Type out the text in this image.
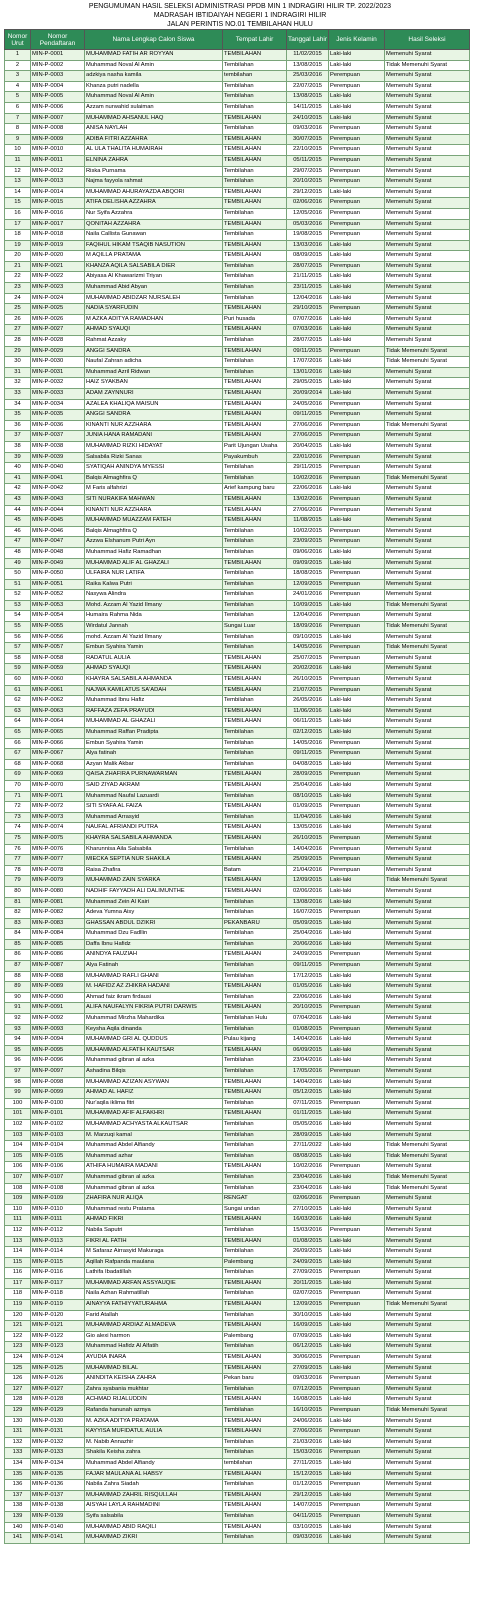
PENGUMUMAN HASIL SELEKSI ADMINISTRASI PPDB MIN 1 INDRAGIRI HILIR TP. 2022/2023
MADRASAH IBTIDAIYAH NEGERI 1 INDRAGIRI HILIR
JALAN PERINTIS NO.01 TEMBILAHAN HULU
Nomor Urut	Nomor Pendaftaran	Nama Lengkap Calon Siswa	Tempat Lahir	Tanggal Lahir	Jenis Kelamin	Hasil Seleksi
1	MIN-P-0001	MUHAMMAD FATIH AR ROYYAN	TEMBILAHAN	11/02/2015	Laki-laki	Memenuhi Syarat
2	MIN-P-0002	Muhammad Noval Al Amin	Tembilahan	13/08/2015	Laki-laki	Tidak Memenuhi Syarat
3	MIN-P-0003	adzkiya nasha kamila	tembilahan	25/03/2016	Perempuan	Memenuhi Syarat
4	MIN-P-0004	Khanza putri nadella	Tembilahan	22/07/2015	Perempuan	Memenuhi Syarat
5	MIN-P-0005	Muhammad Noval Al Amin	Tembilahan	13/08/2015	Laki-laki	Memenuhi Syarat
6	MIN-P-0006	Azzam nurwahid sulaiman	Tembilahan	14/11/2015	Laki-laki	Memenuhi Syarat
7	MIN-P-0007	MUHAMMAD AHSANUL HAQ	TEMBILAHAN	24/10/2015	Laki-laki	Memenuhi Syarat
8	MIN-P-0008	ANISA NAYLAH	Tembilahan	09/03/2016	Perempuan	Memenuhi Syarat
9	MIN-P-0009	ADIBA FITRI AZZAHRA	TEMBILAHAN	30/07/2015	Perempuan	Memenuhi Syarat
10	MIN-P-0010	AL ULA THALITA HUMAIRAH	TEMBILAHAN	22/10/2015	Perempuan	Memenuhi Syarat
11	MIN-P-0011	ELNINA ZAHRA	TEMBILAHAN	05/11/2015	Perempuan	Memenuhi Syarat
12	MIN-P-0012	Riska Purnama	Tembilahan	29/07/2015	Perempuan	Memenuhi Syarat
13	MIN-P-0013	Najma fayyola rahmat	Tembilahan	20/10/2015	Perempuan	Memenuhi Syarat
14	MIN-P-0014	MUHAMMAD AHURAYAZDA ABQORI	TEMBILAHAN	29/12/2015	Laki-laki	Memenuhi Syarat
15	MIN-P-0015	ATIFA DELISHA AZZAHRA	TEMBILAHAN	02/06/2016	Perempuan	Memenuhi Syarat
16	MIN-P-0016	Nur Syifa Azzahra	Tembilahan	12/05/2016	Perempuan	Memenuhi Syarat
17	MIN-P-0017	QONITAH AZZAHRA	TEMBILAHAN	05/03/2016	Perempuan	Memenuhi Syarat
18	MIN-P-0018	Naila Callista Gunawan	Tembilahan	19/08/2015	Perempuan	Memenuhi Syarat
19	MIN-P-0019	FAQIHUL HIKAM TSAQIB NASUTION	TEMBILAHAN	13/03/2016	Laki-laki	Memenuhi Syarat
20	MIN-P-0020	M AQILLA PRATAMA	TEMBILAHAN	08/09/2015	Laki-laki	Memenuhi Syarat
21	MIN-P-0021	KHANZA AQILA SALSABILA DIER	Tembilahan	28/07/2015	Perempuan	Memenuhi Syarat
22	MIN-P-0022	Abiyasa Al Khawarizmi Triyan	Tembilahan	21/11/2015	Laki-laki	Memenuhi Syarat
23	MIN-P-0023	Muhammad Abid Abyan	Tembilahan	23/11/2015	Laki-laki	Memenuhi Syarat
24	MIN-P-0024	MUHAMMAD ABIDZAR NURSALEH	Tembilahan	12/04/2016	Laki-laki	Memenuhi Syarat
25	MIN-P-0025	NADIA SYARFUDIN	TEMBILAHAN	29/10/2015	Perempuan	Memenuhi Syarat
26	MIN-P-0026	M AZKA ADITYA RAMADHAN	Puri husada	07/07/2016	Laki-laki	Memenuhi Syarat
27	MIN-P-0027	AHMAD SYAUQI	TEMBILAHAN	07/03/2016	Laki-laki	Memenuhi Syarat
28	MIN-P-0028	Rahmat Azzaky	Tembilahan	28/07/2015	Laki-laki	Memenuhi Syarat
29	MIN-P-0029	ANGGI SANDRA	TEMBILAHAN	09/11/2015	Perempuan	Tidak Memenuhi Syarat
30	MIN-P-0030	Naufal Zahran adicha	Tembilahan	17/07/2016	Laki-laki	Tidak Memenuhi Syarat
31	MIN-P-0031	Muhammad Azril Ridwan	Tembilahan	13/01/2016	Laki-laki	Memenuhi Syarat
32	MIN-P-0032	HAIZ SYAKBAN	TEMBILAHAN	29/05/2015	Laki-laki	Memenuhi Syarat
33	MIN-P-0033	ADAM ZAYNNURI	TEMBILAHAN	20/09/2014	Laki-laki	Memenuhi Syarat
34	MIN-P-0034	AZALEA KHALIQA MAISUN	TEMBILAHAN	24/05/2016	Perempuan	Memenuhi Syarat
35	MIN-P-0035	ANGGI SANDRA	TEMBILAHAN	09/11/2015	Perempuan	Memenuhi Syarat
36	MIN-P-0036	KINANTI NUR AZZHARA	TEMBILAHAN	27/06/2016	Perempuan	Tidak Memenuhi Syarat
37	MIN-P-0037	JUNIA HANA RAMADANI	TEMBILAHAN	27/06/2015	Perempuan	Memenuhi Syarat
38	MIN-P-0038	MUHAMMAD RIZKI HIDAYAT	Parit Ujungan Usaha	20/04/2015	Laki-laki	Memenuhi Syarat
39	MIN-P-0039	Salsabila Rizki Sanas	Payakumbuh	22/01/2016	Perempuan	Memenuhi Syarat
40	MIN-P-0040	SYATIQAH ANINDYA MYESSI	Tembilahan	29/11/2015	Perempuan	Memenuhi Syarat
41	MIN-P-0041	Balqis Almaghfira Q	Tembilahan	10/02/2016	Perempuan	Tidak Memenuhi Syarat
42	MIN-P-0042	M Faris alfahrizi	Arief kampung baru	22/06/2016	Laki-laki	Memenuhi Syarat
43	MIN-P-0043	SITI NURAKIFA MAHWAN	TEMBILAHAN	13/02/2016	Perempuan	Memenuhi Syarat
44	MIN-P-0044	KINANTI NUR AZZHARA	TEMBILAHAN	27/06/2016	Perempuan	Memenuhi Syarat
45	MIN-P-0045	MUHAMMAD MUAZZAM FATEH	TEMBILAHAN	11/08/2015	Laki-laki	Memenuhi Syarat
46	MIN-P-0046	Balqis Almaghfira Q	Tembilahan	10/02/2015	Perempuan	Memenuhi Syarat
47	MIN-P-0047	Azzwa Elshanum Putri Ayn	Tembilahan	23/09/2015	Perempuan	Memenuhi Syarat
48	MIN-P-0048	Muhammad Hafiz Ramadhan	Tembilahan	09/06/2016	Laki-laki	Memenuhi Syarat
49	MIN-P-0049	MUHAMMAD ALIF AL GHAZALI	TEMBILAHAN	09/09/2015	Laki-laki	Memenuhi Syarat
50	MIN-P-0050	ULFAIRA NUR LATIFA	Tembilahan	18/08/2015	Perempuan	Memenuhi Syarat
51	MIN-P-0051	Raika Kalwa Putri	Tembilahan	12/09/2015	Perempuan	Memenuhi Syarat
52	MIN-P-0052	Nasywa Alindra	Tembilahan	24/01/2016	Perempuan	Memenuhi Syarat
53	MIN-P-0053	Mohd. Azzam Al Yazid Ilmany	Tembilahan	10/09/2015	Laki-laki	Tidak Memenuhi Syarat
54	MIN-P-0054	Humaira Rahma Nida	Tembilahan	12/04/2016	Perempuan	Memenuhi Syarat
55	MIN-P-0055	Wirdatul Jannah	Sungai Luar	18/09/2016	Perempuan	Tidak Memenuhi Syarat
56	MIN-P-0056	mohd. Azzam Al Yazid Ilmany	Tembilahan	09/10/2015	Laki-laki	Memenuhi Syarat
57	MIN-P-0057	Embun Syahira Yamin	Tembilahan	14/05/2016	Perempuan	Tidak Memenuhi Syarat
58	MIN-P-0058	RADATUL AULIA	TEMBILAHAN	25/07/2015	Perempuan	Memenuhi Syarat
59	MIN-P-0059	AHMAD SYAUQI	TEMBILAHAN	20/02/2016	Laki-laki	Memenuhi Syarat
60	MIN-P-0060	KHAYRA SALSABILA AHMANDA	TEMBILAHAN	26/10/2015	Perempuan	Memenuhi Syarat
61	MIN-P-0061	NAJWA KAMILATUS SA'ADAH	TEMBILAHAN	21/07/2015	Perempuan	Memenuhi Syarat
62	MIN-P-0062	Muhammad Ibnu Hafiz	Tembilahan	26/05/2016	Laki-laki	Memenuhi Syarat
63	MIN-P-0063	RAFFAZA ZEFA PRAYUDI	TEMBILAHAN	11/06/2016	Laki-laki	Memenuhi Syarat
64	MIN-P-0064	MUHAMMAD AL GHAZALI	TEMBILAHAN	06/11/2015	Laki-laki	Memenuhi Syarat
65	MIN-P-0065	Muhammad Raffan Pradipta	Tembilahan	02/12/2015	Laki-laki	Memenuhi Syarat
66	MIN-P-0066	Embun Syahira Yamin	Tembilahan	14/05/2016	Perempuan	Memenuhi Syarat
67	MIN-P-0067	Alya fatinah	Tembilahan	09/11/2015	Perempuan	Memenuhi Syarat
68	MIN-P-0068	Azyan Malik Akbar	Tembilahan	04/08/2015	Laki-laki	Memenuhi Syarat
69	MIN-P-0069	QAISA ZHAFIRA PURNAWARMAN	TEMBILAHAN	28/09/2015	Perempuan	Memenuhi Syarat
70	MIN-P-0070	SAID ZIYAD AKRAM	TEMBILAHAN	25/04/2016	Laki-laki	Memenuhi Syarat
71	MIN-P-0071	Muhammad Naufal Lazuardi	Tembilahan	08/10/2015	Laki-laki	Memenuhi Syarat
72	MIN-P-0072	SITI SYAFA AL FAIZA	TEMBILAHAN	01/09/2015	Perempuan	Memenuhi Syarat
73	MIN-P-0073	Muhammad Arrasyid	Tembilahan	11/04/2016	Laki-laki	Memenuhi Syarat
74	MIN-P-0074	NAUFAL AFRIANDI PUTRA	TEMBILAHAN	13/05/2016	Laki-laki	Memenuhi Syarat
75	MIN-P-0075	KHAYRA SALSABILA AHMANDA	TEMBILAHAN	26/10/2015	Perempuan	Memenuhi Syarat
76	MIN-P-0076	Kharunnisa Aila Salsabila	Tembilahan	14/04/2016	Perempuan	Memenuhi Syarat
77	MIN-P-0077	MIECKA SEPTIA NUR SHAKILA	TEMBILAHAN	25/09/2015	Perempuan	Memenuhi Syarat
78	MIN-P-0078	Raisa Zhafira	Batam	21/04/2016	Perempuan	Memenuhi Syarat
79	MIN-P-0079	MUHAMMAD ZAIN SYARKA	TEMBILAHAN	12/09/2015	Laki-laki	Tidak Memenuhi Syarat
80	MIN-P-0080	NADHIF FAYYADH ALI DALIMUNTHE	TEMBILAHAN	02/06/2016	Laki-laki	Memenuhi Syarat
81	MIN-P-0081	Muhammad Zein Al Kairi	Tembilahan	13/08/2016	Laki-laki	Memenuhi Syarat
82	MIN-P-0082	Adeva Yumna Aisy	Tembilahan	16/07/2015	Perempuan	Memenuhi Syarat
83	MIN-P-0083	GHASSAN ABDUL DZIKRI	PEKANBARU	05/09/2015	Laki-laki	Memenuhi Syarat
84	MIN-P-0084	Muhammad Dzu Fadllin	Tembilahan	25/04/2016	Laki-laki	Memenuhi Syarat
85	MIN-P-0085	Daffa Ibnu Hafidz	Tembilahan	20/06/2016	Laki-laki	Memenuhi Syarat
86	MIN-P-0086	ANINDYA FAUZIAH	TEMBILAHAN	24/09/2015	Perempuan	Memenuhi Syarat
87	MIN-P-0087	Alya Fatinah	Tembilahan	09/11/2015	Perempuan	Memenuhi Syarat
88	MIN-P-0088	MUHAMMAD RAFLI GHANI	Tembilahan	17/12/2015	Laki-laki	Memenuhi Syarat
89	MIN-P-0089	M. HAFIDZ AZ ZHIKRA HADANI	TEMBILAHAN	01/05/2016	Laki-laki	Memenuhi Syarat
90	MIN-P-0090	Ahmad faiz ikram firdausi	Tembilahan	22/06/2016	Laki-laki	Memenuhi Syarat
91	MIN-P-0091	ALIFA NAUFALYN FIKRIA PUTRI DARWIS	TEMBILAHAN	20/10/2015	Perempuan	Memenuhi Syarat
92	MIN-P-0092	Muhammad Mirzha Mahardika	Tembilahan Hulu	07/04/2016	Laki-laki	Memenuhi Syarat
93	MIN-P-0093	Keysha Aqila dinanda	Tembilahan	01/08/2015	Perempuan	Memenuhi Syarat
94	MIN-P-0094	MUHAMMAD GRI AL QUDDUS	Pulau kijang	14/04/2016	Laki-laki	Memenuhi Syarat
95	MIN-P-0095	MUHAMMAD ALFATIH KAUTSAR	TEMBILAHAN	06/09/2015	Laki-laki	Memenuhi Syarat
96	MIN-P-0096	Muhammad gibran al azka	Tembilahan	23/04/2016	Laki-laki	Memenuhi Syarat
97	MIN-P-0097	Ashadina Bilqis	Tembilahan	17/05/2016	Perempuan	Memenuhi Syarat
98	MIN-P-0098	MUHAMMAD AZIZAN ASYWAN	TEMBILAHAN	14/04/2016	Laki-laki	Memenuhi Syarat
99	MIN-P-0099	AHMAD AL HAFIZ	TEMBILAHAN	05/12/2015	Laki-laki	Memenuhi Syarat
100	MIN-P-0100	Nur'aqila iklima fitri	Tembilahan	07/11/2015	Perempuan	Memenuhi Syarat
101	MIN-P-0101	MUHAMMAD AFIF ALFAKHRI	TEMBILAHAN	01/11/2015	Laki-laki	Memenuhi Syarat
102	MIN-P-0102	MUHAMMAD ACHYASTA ALKAUTSAR	Tembilahan	05/05/2016	Laki-laki	Memenuhi Syarat
103	MIN-P-0103	M. Marzuqi kamal	Tembilahan	28/09/2015	Laki-laki	Memenuhi Syarat
104	MIN-P-0104	Muhammad Abdel Alfiandy	Tembilahan	27/11/2022	Laki-laki	Tidak Memenuhi Syarat
105	MIN-P-0105	Muhammad azhar	Tembilahan	08/08/2015	Laki-laki	Tidak Memenuhi Syarat
106	MIN-P-0106	ATHIFA HUMAIRA MADANI	TEMBILAHAN	10/02/2016	Perempuan	Memenuhi Syarat
107	MIN-P-0107	Muhammad gibran al azka	Tembilahan	23/04/2016	Laki-laki	Tidak Memenuhi Syarat
108	MIN-P-0108	Muhammad gibran al azka	Tembilahan	23/04/2016	Laki-laki	Tidak Memenuhi Syarat
109	MIN-P-0109	ZHAFIRA NUR ALIQA	RENGAT	02/06/2016	Perempuan	Memenuhi Syarat
110	MIN-P-0110	Muhammad restu Pratama	Sungai undan	27/10/2015	Laki-laki	Memenuhi Syarat
111	MIN-P-0111	AHMAD FIKRI	TEMBILAHAN	16/03/2016	Laki-laki	Memenuhi Syarat
112	MIN-P-0112	Nabila Saputri	Tembilahan	15/03/2016	Perempuan	Memenuhi Syarat
113	MIN-P-0113	FIKRI AL FATIH	TEMBILAHAN	01/08/2015	Laki-laki	Memenuhi Syarat
114	MIN-P-0114	M Safaraz Airrasyid Makuraga	Tembilahan	26/09/2015	Laki-laki	Memenuhi Syarat
115	MIN-P-0115	Aqillah Rafpanda maulana	Palembang	24/09/2015	Laki-laki	Memenuhi Syarat
116	MIN-P-0116	Lathifa Ibadatillah	Tembilahan	27/09/2015	Perempuan	Memenuhi Syarat
117	MIN-P-0117	MUHAMMAD ARFAN ASSYAUQIE	TEMBILAHAN	20/11/2015	Laki-laki	Memenuhi Syarat
118	MIN-P-0118	Naila Azhan Rahmatillah	Tembilahan	02/07/2015	Perempuan	Memenuhi Syarat
119	MIN-P-0119	AINAYYA FATHIYYATURAHMA	TEMBILAHAN	12/09/2015	Perempuan	Tidak Memenuhi Syarat
120	MIN-P-0120	Farid Atallah	Tembilahan	30/10/2015	Laki-laki	Memenuhi Syarat
121	MIN-P-0121	MUHAMMAD ARDIAZ ALMADEVA	TEMBILAHAN	16/09/2015	Laki-laki	Memenuhi Syarat
122	MIN-P-0122	Gio alexi harmon	Palembang	07/09/2015	Laki-laki	Memenuhi Syarat
123	MIN-P-0123	Muhammad Hafidz Al Alfatih	Tembilahan	06/12/2015	Laki-laki	Memenuhi Syarat
124	MIN-P-0124	AYUDIA INARA	TEMBILAHAN	30/06/2015	Perempuan	Memenuhi Syarat
125	MIN-P-0125	MUHAMMAD BILAL	TEMBILAHAN	27/09/2015	Laki-laki	Memenuhi Syarat
126	MIN-P-0126	ANINDITA KEISHA ZAHRA	Pekan baru	09/03/2016	Perempuan	Memenuhi Syarat
127	MIN-P-0127	Zahra syabania mukhtar	Tembilahan	07/12/2015	Perempuan	Memenuhi Syarat
128	MIN-P-0128	ACHMAD RIJALUDDIN	TEMBILAHAN	16/08/2015	Laki-laki	Memenuhi Syarat
129	MIN-P-0129	Rafanda hanunah azmya	Tembilahan	16/10/2015	Perempuan	Tidak Memenuhi Syarat
130	MIN-P-0130	M. AZKA ADITYA PRATAMA	TEMBILAHAN	24/06/2016	Laki-laki	Memenuhi Syarat
131	MIN-P-0131	KAYYISA MUFIDATUL AULIA	TEMBILAHAN	27/06/2016	Perempuan	Memenuhi Syarat
132	MIN-P-0132	M. Nabib Annazhir	Tembilahan	21/03/2016	Laki-laki	Memenuhi Syarat
133	MIN-P-0133	Shakila Keisha zahra	Tembilahan	15/03/2016	Perempuan	Memenuhi Syarat
134	MIN-P-0134	Muhammad Abdel Alfiandy	tembilahan	27/11/2015	Laki-laki	Memenuhi Syarat
135	MIN-P-0135	FAJAR MAULANA AL HABSY	TEMBILAHAN	15/12/2015	Laki-laki	Memenuhi Syarat
136	MIN-P-0136	Nabila Zahra Siadah	Tembilahan	01/12/2015	Perempuan	Memenuhi Syarat
137	MIN-P-0137	MUHAMMAD ZAHRIL RISQULLAH	TEMBILAHAN	29/12/2015	Laki-laki	Memenuhi Syarat
138	MIN-P-0138	AISYAH LAYLA RAHMADINI	TEMBILAHAN	14/07/2015	Perempuan	Memenuhi Syarat
139	MIN-P-0139	Syifa salsabila	Tembilahan	04/11/2015	Perempuan	Memenuhi Syarat
140	MIN-P-0140	MUHAMMAD ABID RAQILI	TEMBILAHAN	03/10/2015	Laki-laki	Memenuhi Syarat
141	MIN-P-0141	MUHAMMAD ZIKRI	Tembilahan	09/03/2016	Laki-laki	Memenuhi Syarat
